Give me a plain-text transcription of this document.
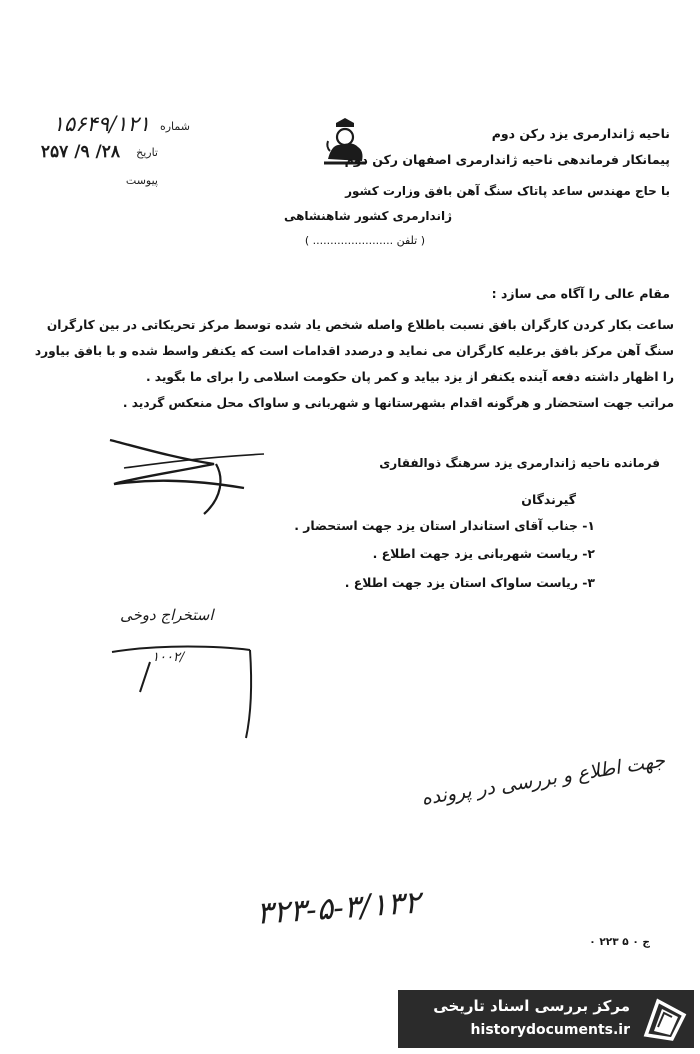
شماره
۱۵۶۴۹/۱۲۱
تاریخ
۲۸/ ۹/ ۲۵۷
پیوست
ناحیه ژاندارمری یزد رکن دوم
پیمانکار فرماندهی ناحیه ژاندارمری اصفهان رکن دوم
با حاج مهندس ساعد پاتاک سنگ آهن بافق وزارت کشور
ژاندارمری کشور شاهنشاهی
( تلفن ....................... )
مقام عالی را آگاه می سازد :
ساعت بکار کردن کارگران بافق نسبت باطلاع واصله شخص یاد شده توسط مرکز تحریکاتی در بین کارگران
سنگ آهن مرکز بافق برعلیه کارگران می نماید و درصدد اقدامات است که یکنفر واسط شده و با بافق بیاورد
را اظهار داشته دفعه آینده یکنفر از یزد بیاید و کمر پان حکومت اسلامی را برای ما بگوید .
مراتب جهت استحضار و هرگونه اقدام بشهرستانها و شهربانی و ساواک محل منعکس گردید .
فرمانده ناحیه ژاندارمری یزد سرهنگ ذوالفقاری
گیرندگان
۱- جناب آقای استاندار استان یزد جهت استحضار .
۲- ریاست شهربانی یزد جهت اطلاع .
۳- ریاست ساواک استان یزد جهت اطلاع .
استخراج دوخی
۱۰۰۲/
جهت اطلاع و بررسی در پرونده
۳۲۳-۵-۳/۱۳۲
ج ۰ ۵ ۲۲۳ ۰
مرکز بررسی اسناد تاریخی
historydocuments.ir
